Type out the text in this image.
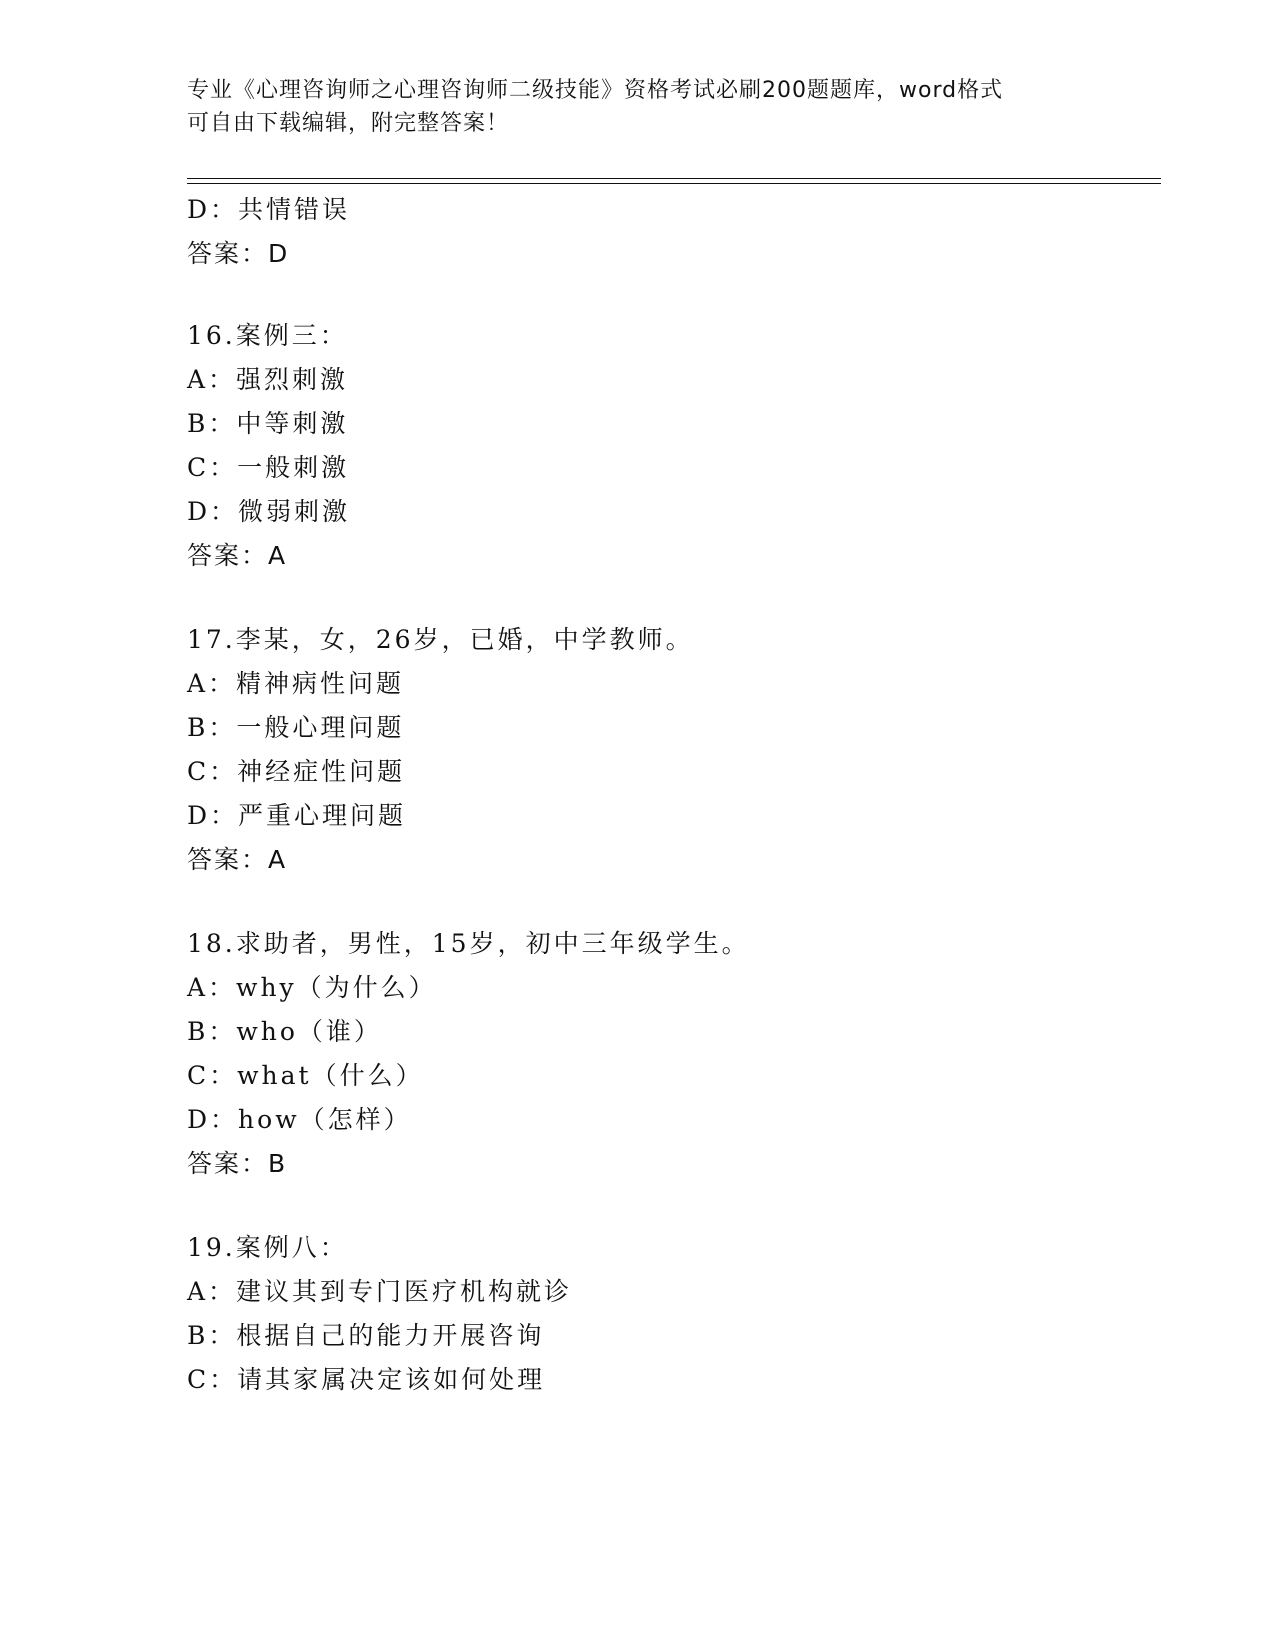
专业《心理咨询师之心理咨询师二级技能》资格考试必刷200题题库，word格式
可自由下载编辑，附完整答案！
D：共情错误
答案：D
16.案例三：
A：强烈刺激
B：中等刺激
C：一般刺激
D：微弱刺激
答案：A
17.李某，女，26岁，已婚，中学教师。
A：精神病性问题
B：一般心理问题
C：神经症性问题
D：严重心理问题
答案：A
18.求助者，男性，15岁，初中三年级学生。
A：why（为什么）
B：who（谁）
C：what（什么）
D：how（怎样）
答案：B
19.案例八：
A：建议其到专门医疗机构就诊
B：根据自己的能力开展咨询
C：请其家属决定该如何处理
